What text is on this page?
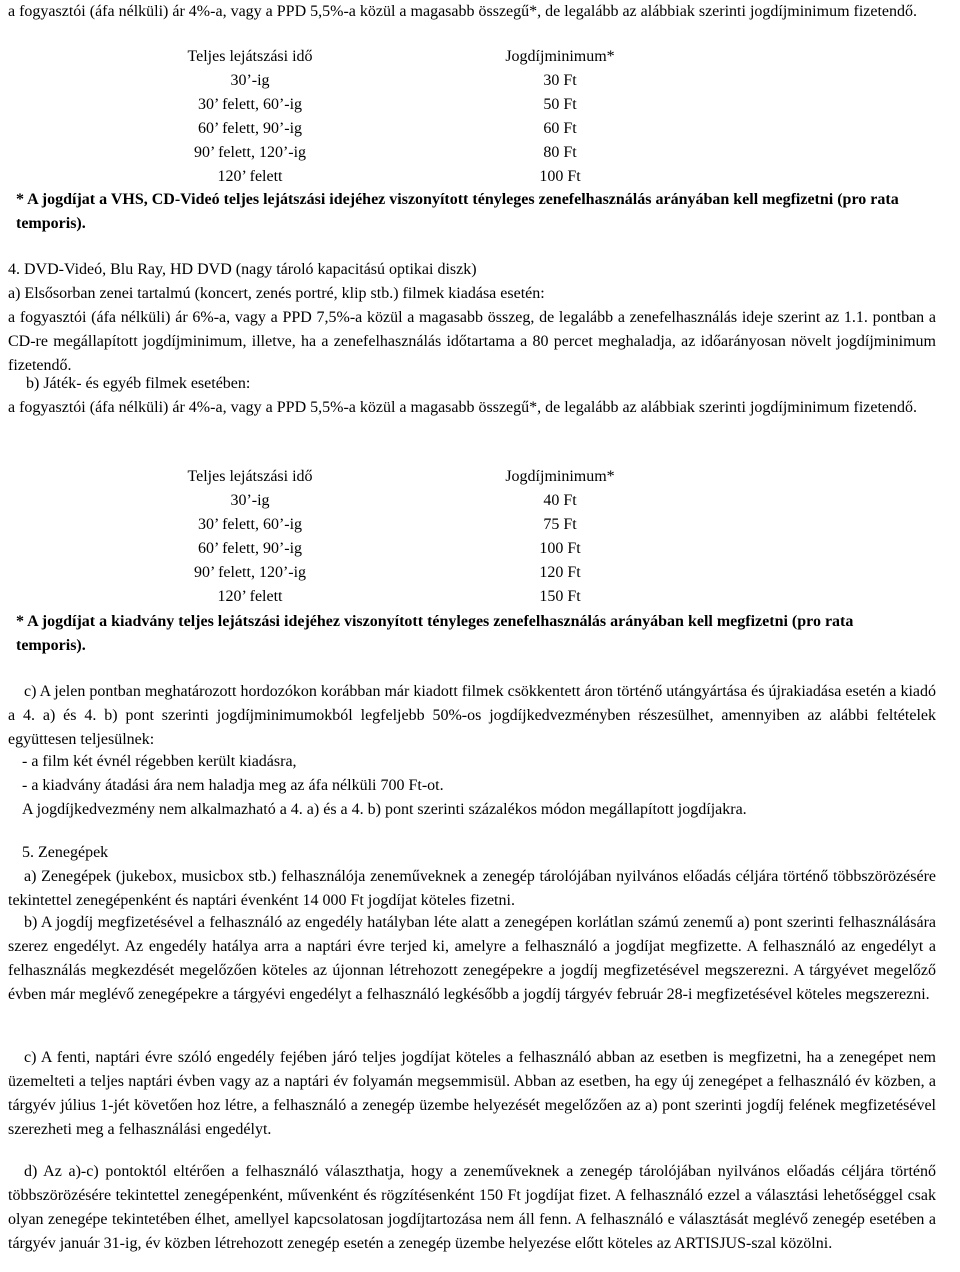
a fogyasztói (áfa nélküli) ár 4%-a, vagy a PPD 5,5%-a közül a magasabb összegű*, de legalább az alábbiak szerinti jogdíjminimum fizetendő.

Teljes lejátszási idő	Jogdíjminimum*
30’-ig	30 Ft
30’ felett, 60’-ig	50 Ft
60’ felett, 90’-ig	60 Ft
90’ felett, 120’-ig	80 Ft
120’ felett	100 Ft

* A jogdíjat a VHS, CD-Videó teljes lejátszási idejéhez viszonyított tényleges zenefelhasználás arányában kell megfizetni (pro rata temporis).

4. DVD-Videó, Blu Ray, HD DVD (nagy tároló kapacitású optikai diszk)
a) Elsősorban zenei tartalmú (koncert, zenés portré, klip stb.) filmek kiadása esetén:

a fogyasztói (áfa nélküli) ár 6%-a, vagy a PPD 7,5%-a közül a magasabb összeg, de legalább a zenefelhasználás ideje szerint az 1.1. pontban a CD-re megállapított jogdíjminimum, illetve, ha a zenefelhasználás időtartama a 80 percet meghaladja, az időarányosan növelt jogdíjminimum fizetendő.

b) Játék- és egyéb filmek esetében:

a fogyasztói (áfa nélküli) ár 4%-a, vagy a PPD 5,5%-a közül a magasabb összegű*, de legalább az alábbiak szerinti jogdíjminimum fizetendő.

Teljes lejátszási idő	Jogdíjminimum*
30’-ig	40 Ft
30’ felett, 60’-ig	75 Ft
60’ felett, 90’-ig	100 Ft
90’ felett, 120’-ig	120 Ft
120’ felett	150 Ft

* A jogdíjat a kiadvány teljes lejátszási idejéhez viszonyított tényleges zenefelhasználás arányában kell megfizetni (pro rata temporis).

c) A jelen pontban meghatározott hordozókon korábban már kiadott filmek csökkentett áron történő utángyártása és újrakiadása esetén a kiadó a 4. a) és 4. b) pont szerinti jogdíjminimumokból legfeljebb 50%-os jogdíjkedvezményben részesülhet, amennyiben az alábbi feltételek együttesen teljesülnek:

- a film két évnél régebben került kiadásra,
- a kiadvány átadási ára nem haladja meg az áfa nélküli 700 Ft-ot.
A jogdíjkedvezmény nem alkalmazható a 4. a) és a 4. b) pont szerinti százalékos módon megállapított jogdíjakra.
5. Zenegépek

a) Zenegépek (jukebox, musicbox stb.) felhasználója zeneműveknek a zenegép tárolójában nyilvános előadás céljára történő többszörözésére tekintettel zenegépenként és naptári évenként 14 000 Ft jogdíjat köteles fizetni.

b) A jogdíj megfizetésével a felhasználó az engedély hatályban léte alatt a zenegépen korlátlan számú zenemű a) pont szerinti felhasználására szerez engedélyt. Az engedély hatálya arra a naptári évre terjed ki, amelyre a felhasználó a jogdíjat megfizette. A felhasználó az engedélyt a felhasználás megkezdését megelőzően köteles az újonnan létrehozott zenegépekre a jogdíj megfizetésével megszerezni. A tárgyévet megelőző évben már meglévő zenegépekre a tárgyévi engedélyt a felhasználó legkésőbb a jogdíj tárgyév február 28-i megfizetésével köteles megszerezni.

c) A fenti, naptári évre szóló engedély fejében járó teljes jogdíjat köteles a felhasználó abban az esetben is megfizetni, ha a zenegépet nem üzemelteti a teljes naptári évben vagy az a naptári év folyamán megsemmisül. Abban az esetben, ha egy új zenegépet a felhasználó év közben, a tárgyév július 1-jét követően hoz létre, a felhasználó a zenegép üzembe helyezését megelőzően az a) pont szerinti jogdíj felének megfizetésével szerezheti meg a felhasználási engedélyt.

d) Az a)-c) pontoktól eltérően a felhasználó választhatja, hogy a zeneműveknek a zenegép tárolójában nyilvános előadás céljára történő többszörözésére tekintettel zenegépenként, művenként és rögzítésenként 150 Ft jogdíjat fizet. A felhasználó ezzel a választási lehetőséggel csak olyan zenegépe tekintetében élhet, amellyel kapcsolatosan jogdíjtartozása nem áll fenn. A felhasználó e választását meglévő zenegép esetében a tárgyév január 31-ig, év közben létrehozott zenegép esetén a zenegép üzembe helyezése előtt köteles az ARTISJUS-szal közölni.
